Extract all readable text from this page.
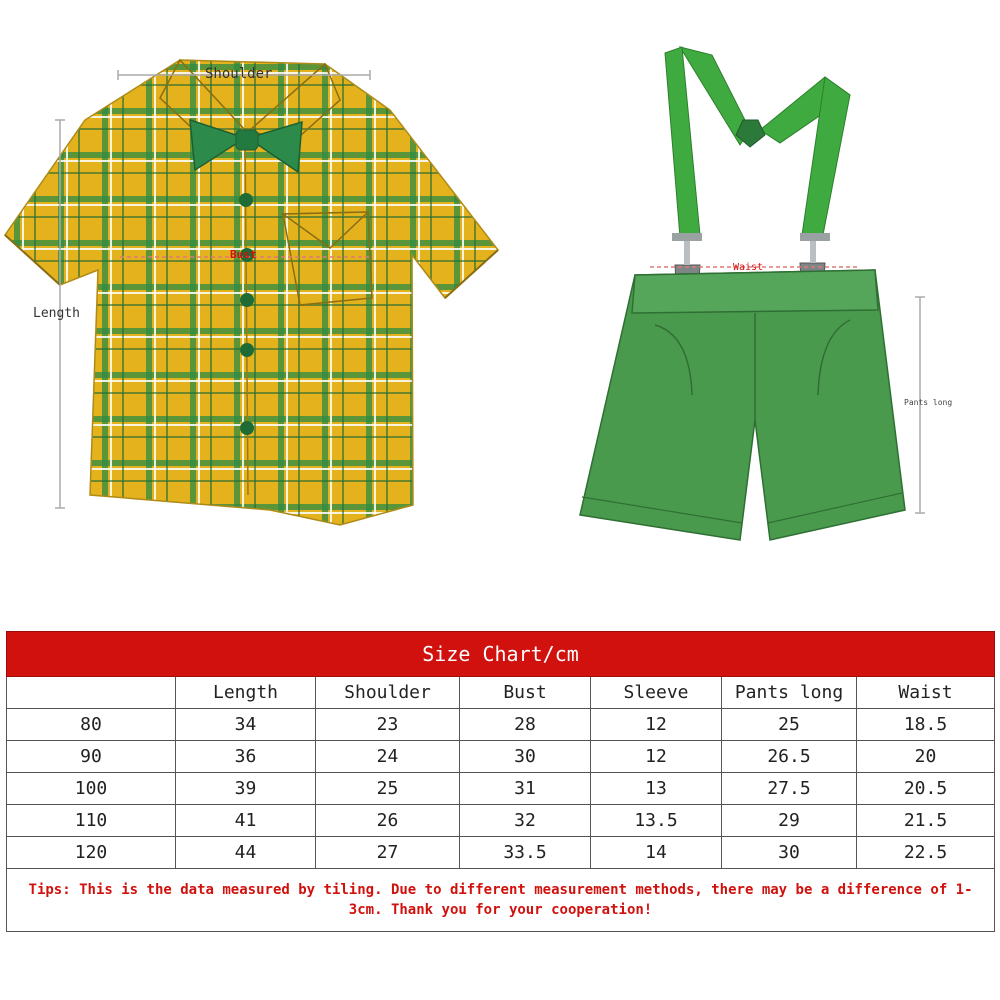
Shoulder
Bust
Length
Waist
Pants long
Size Chart/cm						
	Length	Shoulder	Bust	Sleeve	Pants long	Waist
80	34	23	28	12	25	18.5
90	36	24	30	12	26.5	20
100	39	25	31	13	27.5	20.5
110	41	26	32	13.5	29	21.5
120	44	27	33.5	14	30	22.5
Tips: This is the data measured by tiling. Due to different measurement methods, there may be a difference of 1-3cm. Thank you for your cooperation!						
